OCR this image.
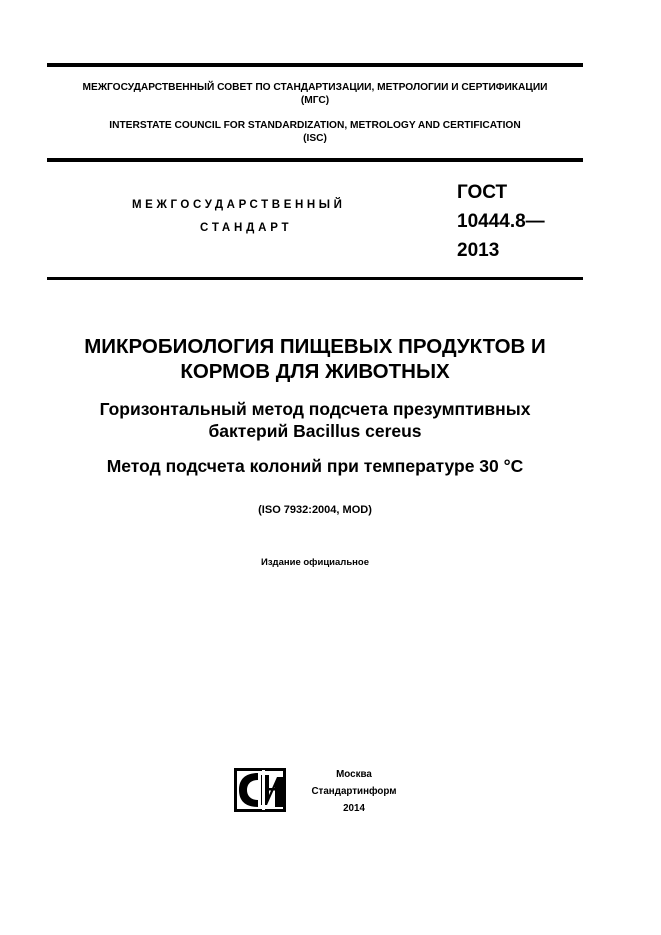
МЕЖГОСУДАРСТВЕННЫЙ СОВЕТ ПО СТАНДАРТИЗАЦИИ, МЕТРОЛОГИИ И СЕРТИФИКАЦИИ
(МГС)
INTERSTATE COUNCIL FOR STANDARDIZATION, METROLOGY AND CERTIFICATION
(ISC)
МЕЖГОСУДАРСТВЕННЫЙ
СТАНДАРТ
ГОСТ
10444.8—
2013
МИКРОБИОЛОГИЯ ПИЩЕВЫХ ПРОДУКТОВ И
КОРМОВ ДЛЯ ЖИВОТНЫХ
Горизонтальный метод подсчета презумптивных
бактерий Bacillus cereus
Метод подсчета колоний при температуре 30 °С
(ISO 7932:2004, MOD)
Издание официальное
Москва
Стандартинформ
2014
